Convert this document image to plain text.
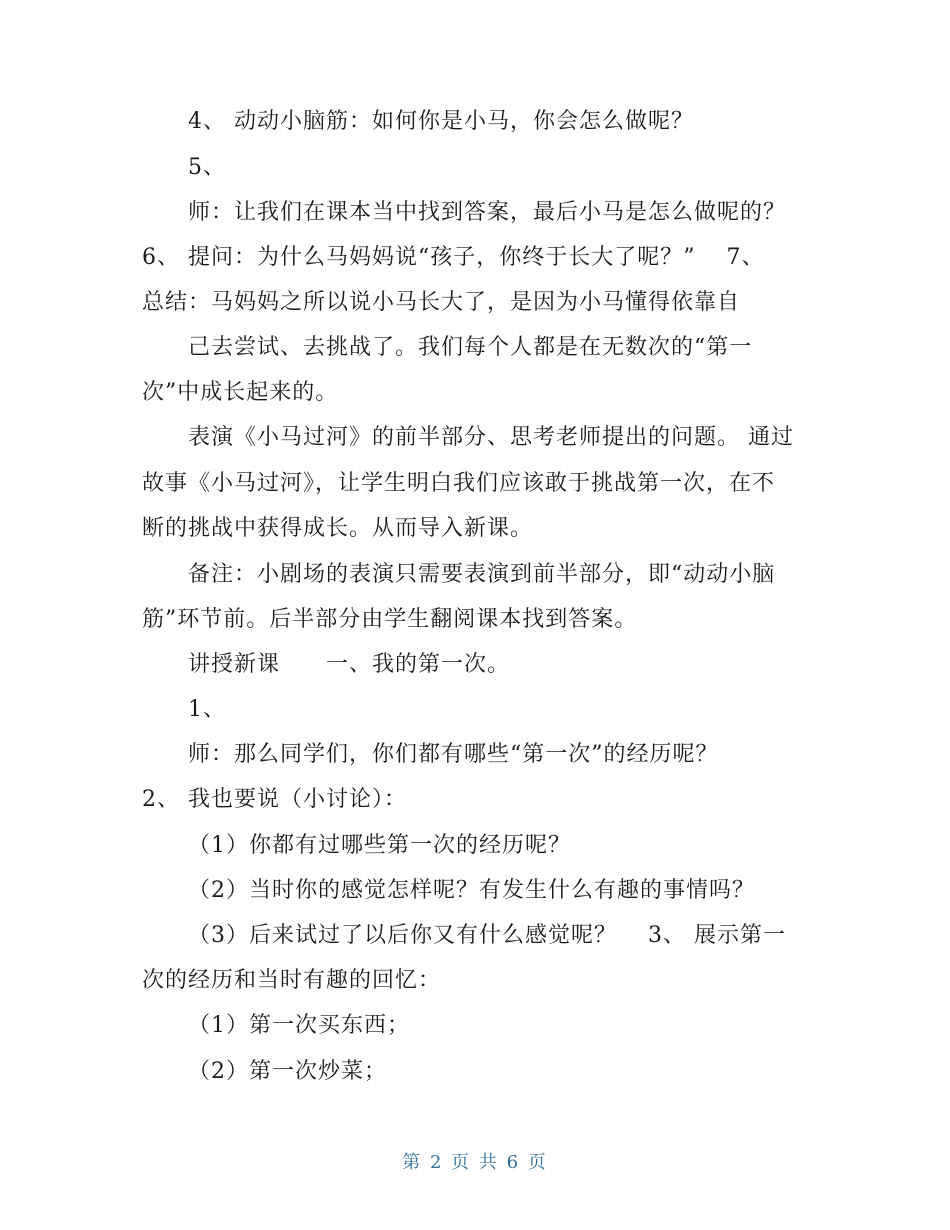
4、 动动小脑筋：如何你是小马，你会怎么做呢？
5、
师：让我们在课本当中找到答案，最后小马是怎么做呢的？
6、 提问：为什么马妈妈说“孩子，你终于长大了呢？”　 7、
总结：马妈妈之所以说小马长大了，是因为小马懂得依靠自
己去尝试、去挑战了。我们每个人都是在无数次的“第一
次”中成长起来的。
表演《小马过河》的前半部分、思考老师提出的问题。 通过
故事《小马过河》，让学生明白我们应该敢于挑战第一次，在不
断的挑战中获得成长。从而导入新课。
备注：小剧场的表演只需要表演到前半部分，即“动动小脑
筋”环节前。后半部分由学生翻阅课本找到答案。
讲授新课　　一、我的第一次。
1、
师：那么同学们，你们都有哪些“第一次”的经历呢？
2、 我也要说（小讨论）：
（1）你都有过哪些第一次的经历呢？
（2）当时你的感觉怎样呢？有发生什么有趣的事情吗？
（3）后来试过了以后你又有什么感觉呢？　 3、 展示第一
次的经历和当时有趣的回忆：
（1）第一次买东西；
（2）第一次炒菜；
第 2 页 共 6 页
